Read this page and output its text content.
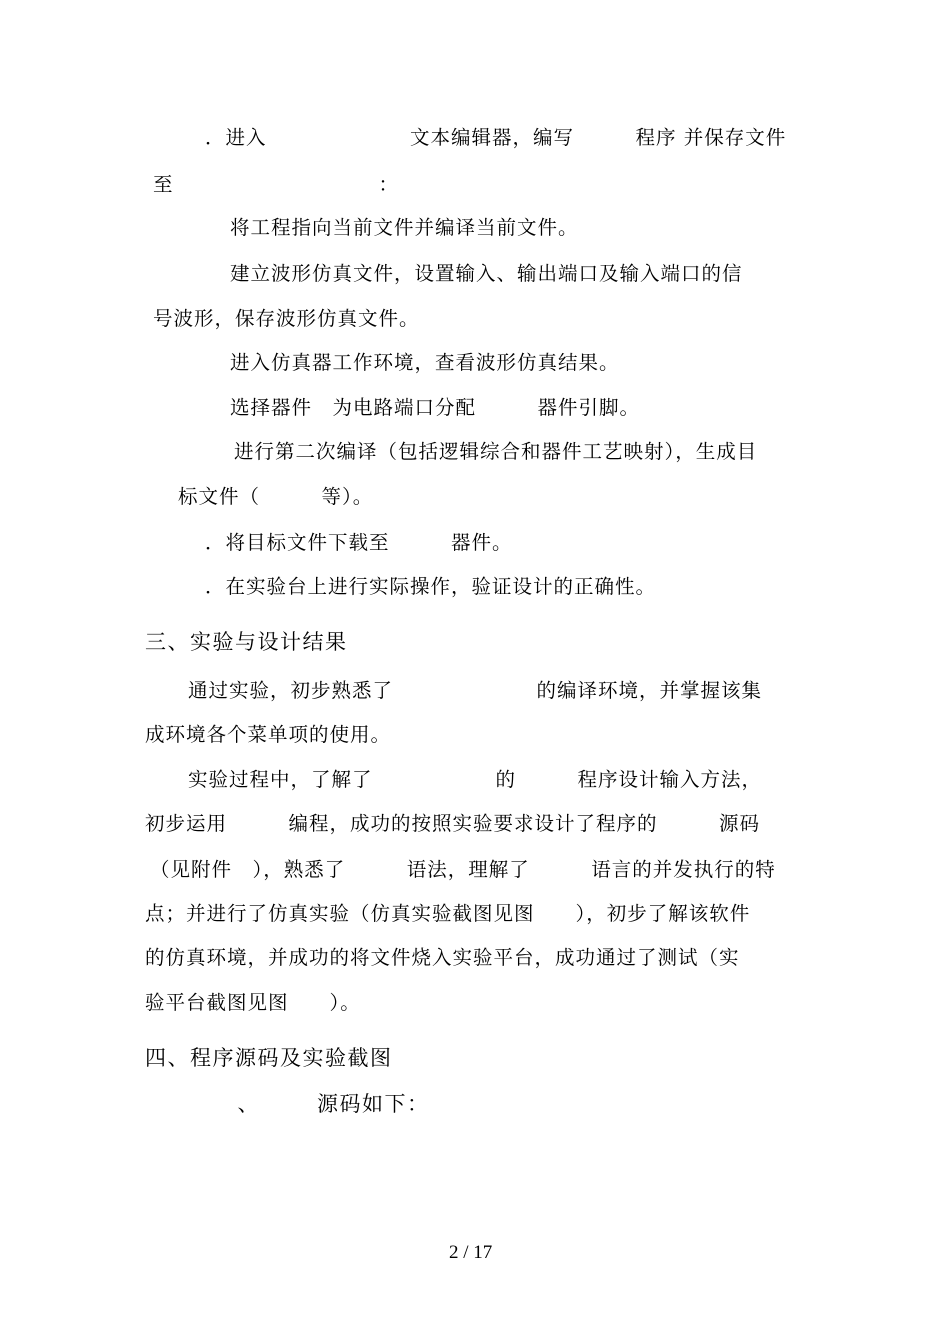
．进入　　　　　　　文本编辑器，编写　　　程序 并保存文件
至　　　　　　　　　　：
将工程指向当前文件并编译当前文件。
建立波形仿真文件，设置输入、输出端口及输入端口的信
号波形，保存波形仿真文件。
进入仿真器工作环境，查看波形仿真结果。
选择器件　为电路端口分配　　　器件引脚。
进行第二次编译（包括逻辑综合和器件工艺映射），生成目
标文件（　　　等）。
．将目标文件下载至　　　器件。
．在实验台上进行实际操作，验证设计的正确性。
三、实验与设计结果
通过实验，初步熟悉了　　　　　　　的编译环境，并掌握该集
成环境各个菜单项的使用。
实验过程中，了解了　　　　　　的　　　程序设计输入方法，
初步运用　　　编程，成功的按照实验要求设计了程序的　　　源码
（见附件　），熟悉了　　　语法，理解了　　　语言的并发执行的特
点；并进行了仿真实验（仿真实验截图见图　　），初步了解该软件
的仿真环境，并成功的将文件烧入实验平台，成功通过了测试（实
验平台截图见图　　）。
四、程序源码及实验截图
　、　　　源码如下：
2 / 17
